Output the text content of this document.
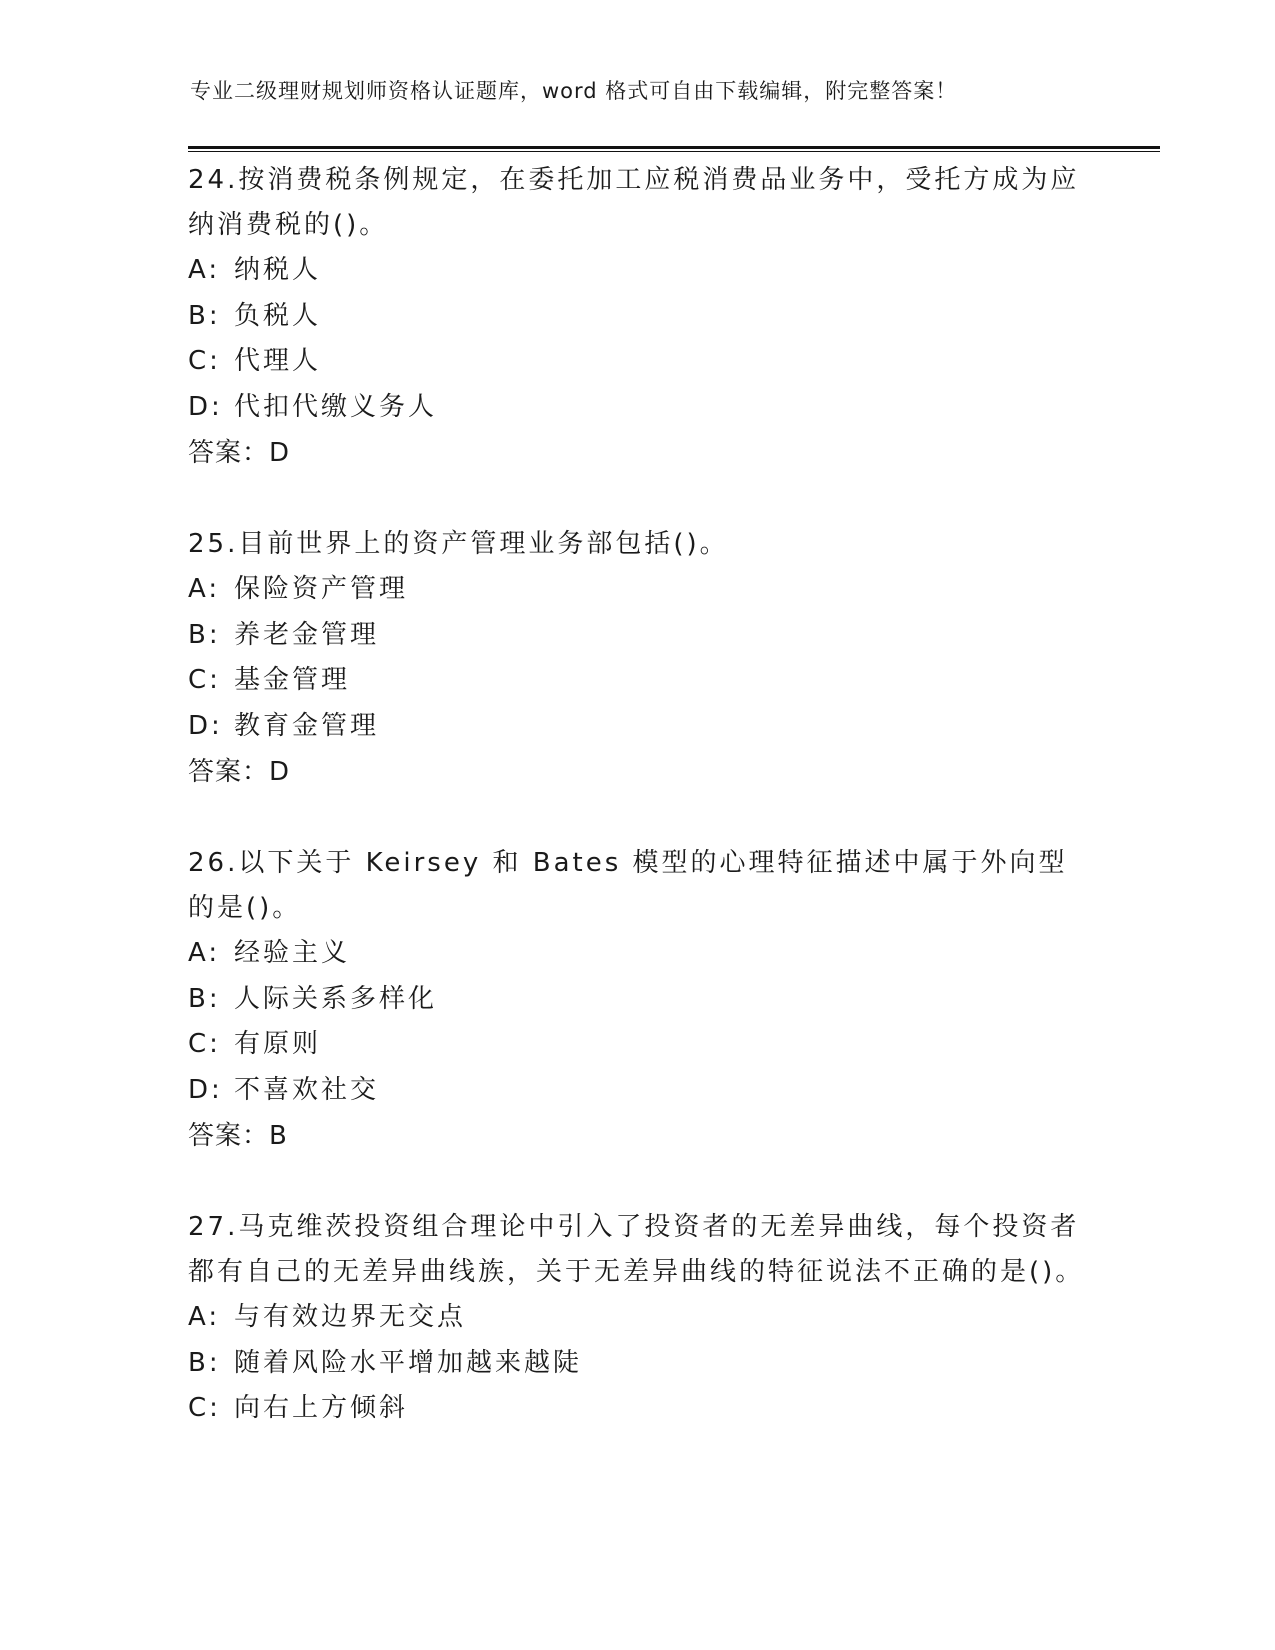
专业二级理财规划师资格认证题库，word 格式可自由下载编辑，附完整答案！
24.按消费税条例规定，在委托加工应税消费品业务中，受托方成为应纳消费税的()。
A: 纳税人
B: 负税人
C: 代理人
D: 代扣代缴义务人
答案：D
25.目前世界上的资产管理业务部包括()。
A: 保险资产管理
B: 养老金管理
C: 基金管理
D: 教育金管理
答案：D
26.以下关于 Keirsey 和 Bates 模型的心理特征描述中属于外向型的是()。
A: 经验主义
B: 人际关系多样化
C: 有原则
D: 不喜欢社交
答案：B
27.马克维茨投资组合理论中引入了投资者的无差异曲线，每个投资者都有自己的无差异曲线族，关于无差异曲线的特征说法不正确的是()。
A: 与有效边界无交点
B: 随着风险水平增加越来越陡
C: 向右上方倾斜
